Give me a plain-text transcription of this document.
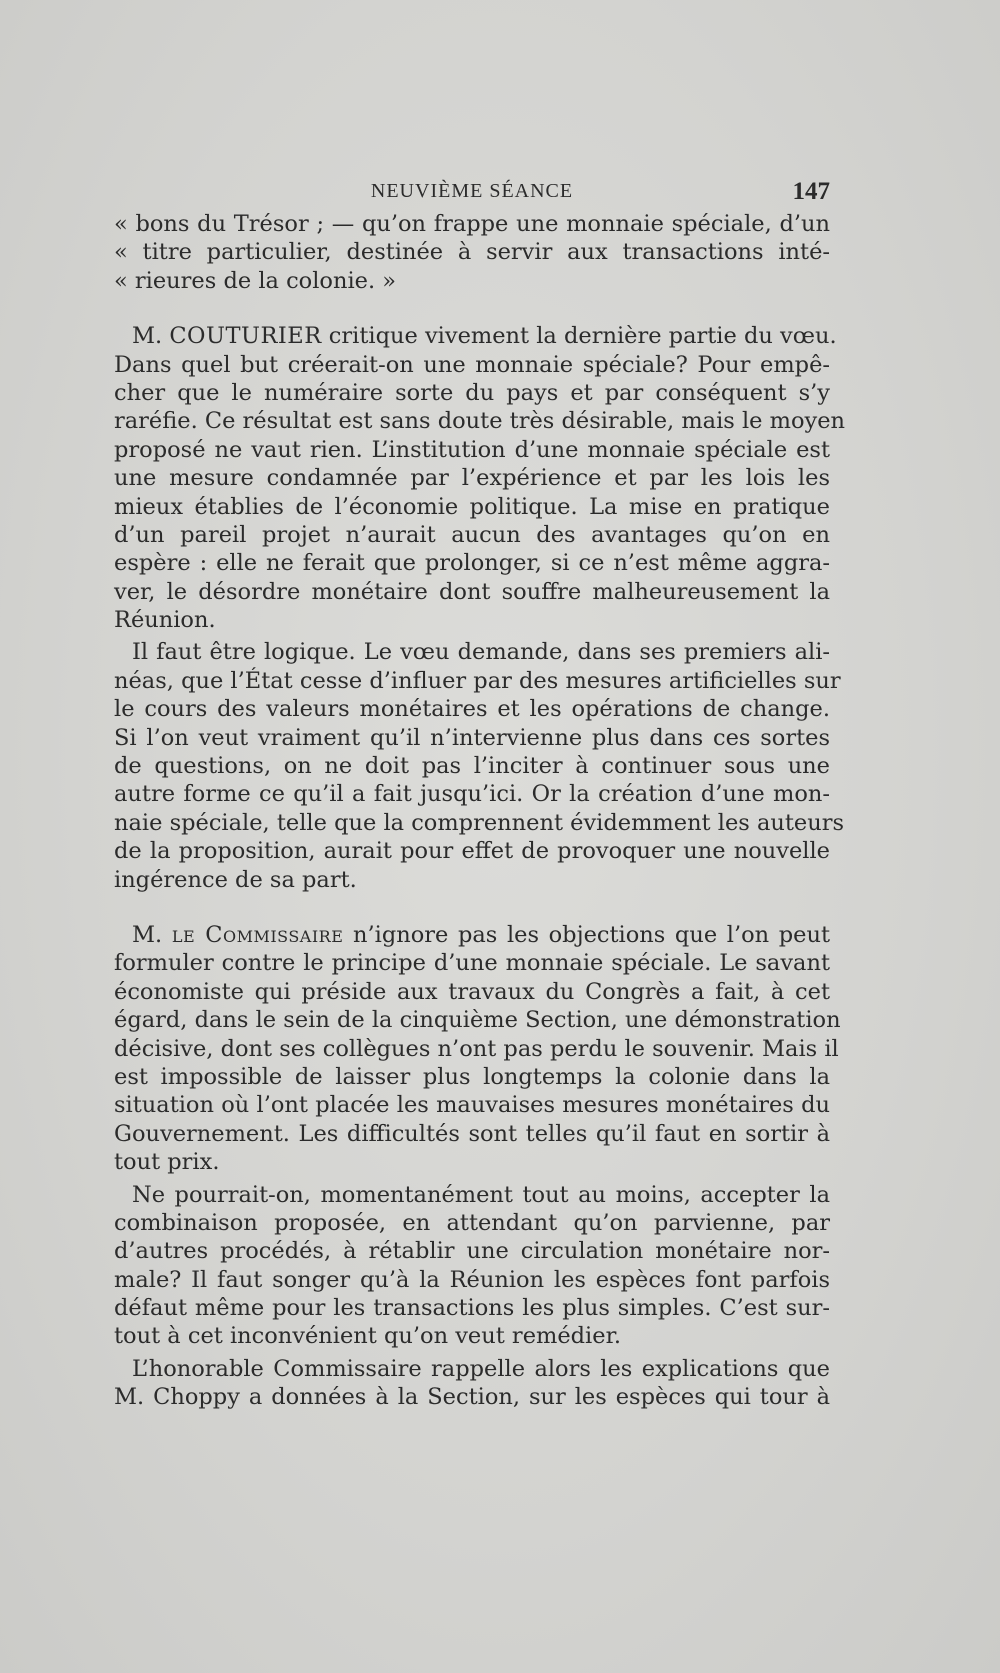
NEUVIÈME SÉANCE	147
« bons du Trésor ; — qu’on frappe une monnaie spéciale, d’un
« titre particulier, destinée à servir aux transactions inté-
« rieures de la colonie. »
M. COUTURIER critique vivement la dernière partie du vœu.
Dans quel but créerait-on une monnaie spéciale? Pour empê-
cher que le numéraire sorte du pays et par conséquent s’y
raréfie. Ce résultat est sans doute très désirable, mais le moyen
proposé ne vaut rien. L’institution d’une monnaie spéciale est
une mesure condamnée par l’expérience et par les lois les
mieux établies de l’économie politique. La mise en pratique
d’un pareil projet n’aurait aucun des avantages qu’on en
espère : elle ne ferait que prolonger, si ce n’est même aggra-
ver, le désordre monétaire dont souffre malheureusement la
Réunion.
Il faut être logique. Le vœu demande, dans ses premiers ali-
néas, que l’État cesse d’influer par des mesures artificielles sur
le cours des valeurs monétaires et les opérations de change.
Si l’on veut vraiment qu’il n’intervienne plus dans ces sortes
de questions, on ne doit pas l’inciter à continuer sous une
autre forme ce qu’il a fait jusqu’ici. Or la création d’une mon-
naie spéciale, telle que la comprennent évidemment les auteurs
de la proposition, aurait pour effet de provoquer une nouvelle
ingérence de sa part.
M. le Commissaire n’ignore pas les objections que l’on peut
formuler contre le principe d’une monnaie spéciale. Le savant
économiste qui préside aux travaux du Congrès a fait, à cet
égard, dans le sein de la cinquième Section, une démonstration
décisive, dont ses collègues n’ont pas perdu le souvenir. Mais il
est impossible de laisser plus longtemps la colonie dans la
situation où l’ont placée les mauvaises mesures monétaires du
Gouvernement. Les difficultés sont telles qu’il faut en sortir à
tout prix.
Ne pourrait-on, momentanément tout au moins, accepter la
combinaison proposée, en attendant qu’on parvienne, par
d’autres procédés, à rétablir une circulation monétaire nor-
male? Il faut songer qu’à la Réunion les espèces font parfois
défaut même pour les transactions les plus simples. C’est sur-
tout à cet inconvénient qu’on veut remédier.
L’honorable Commissaire rappelle alors les explications que
M. Choppy a données à la Section, sur les espèces qui tour à
